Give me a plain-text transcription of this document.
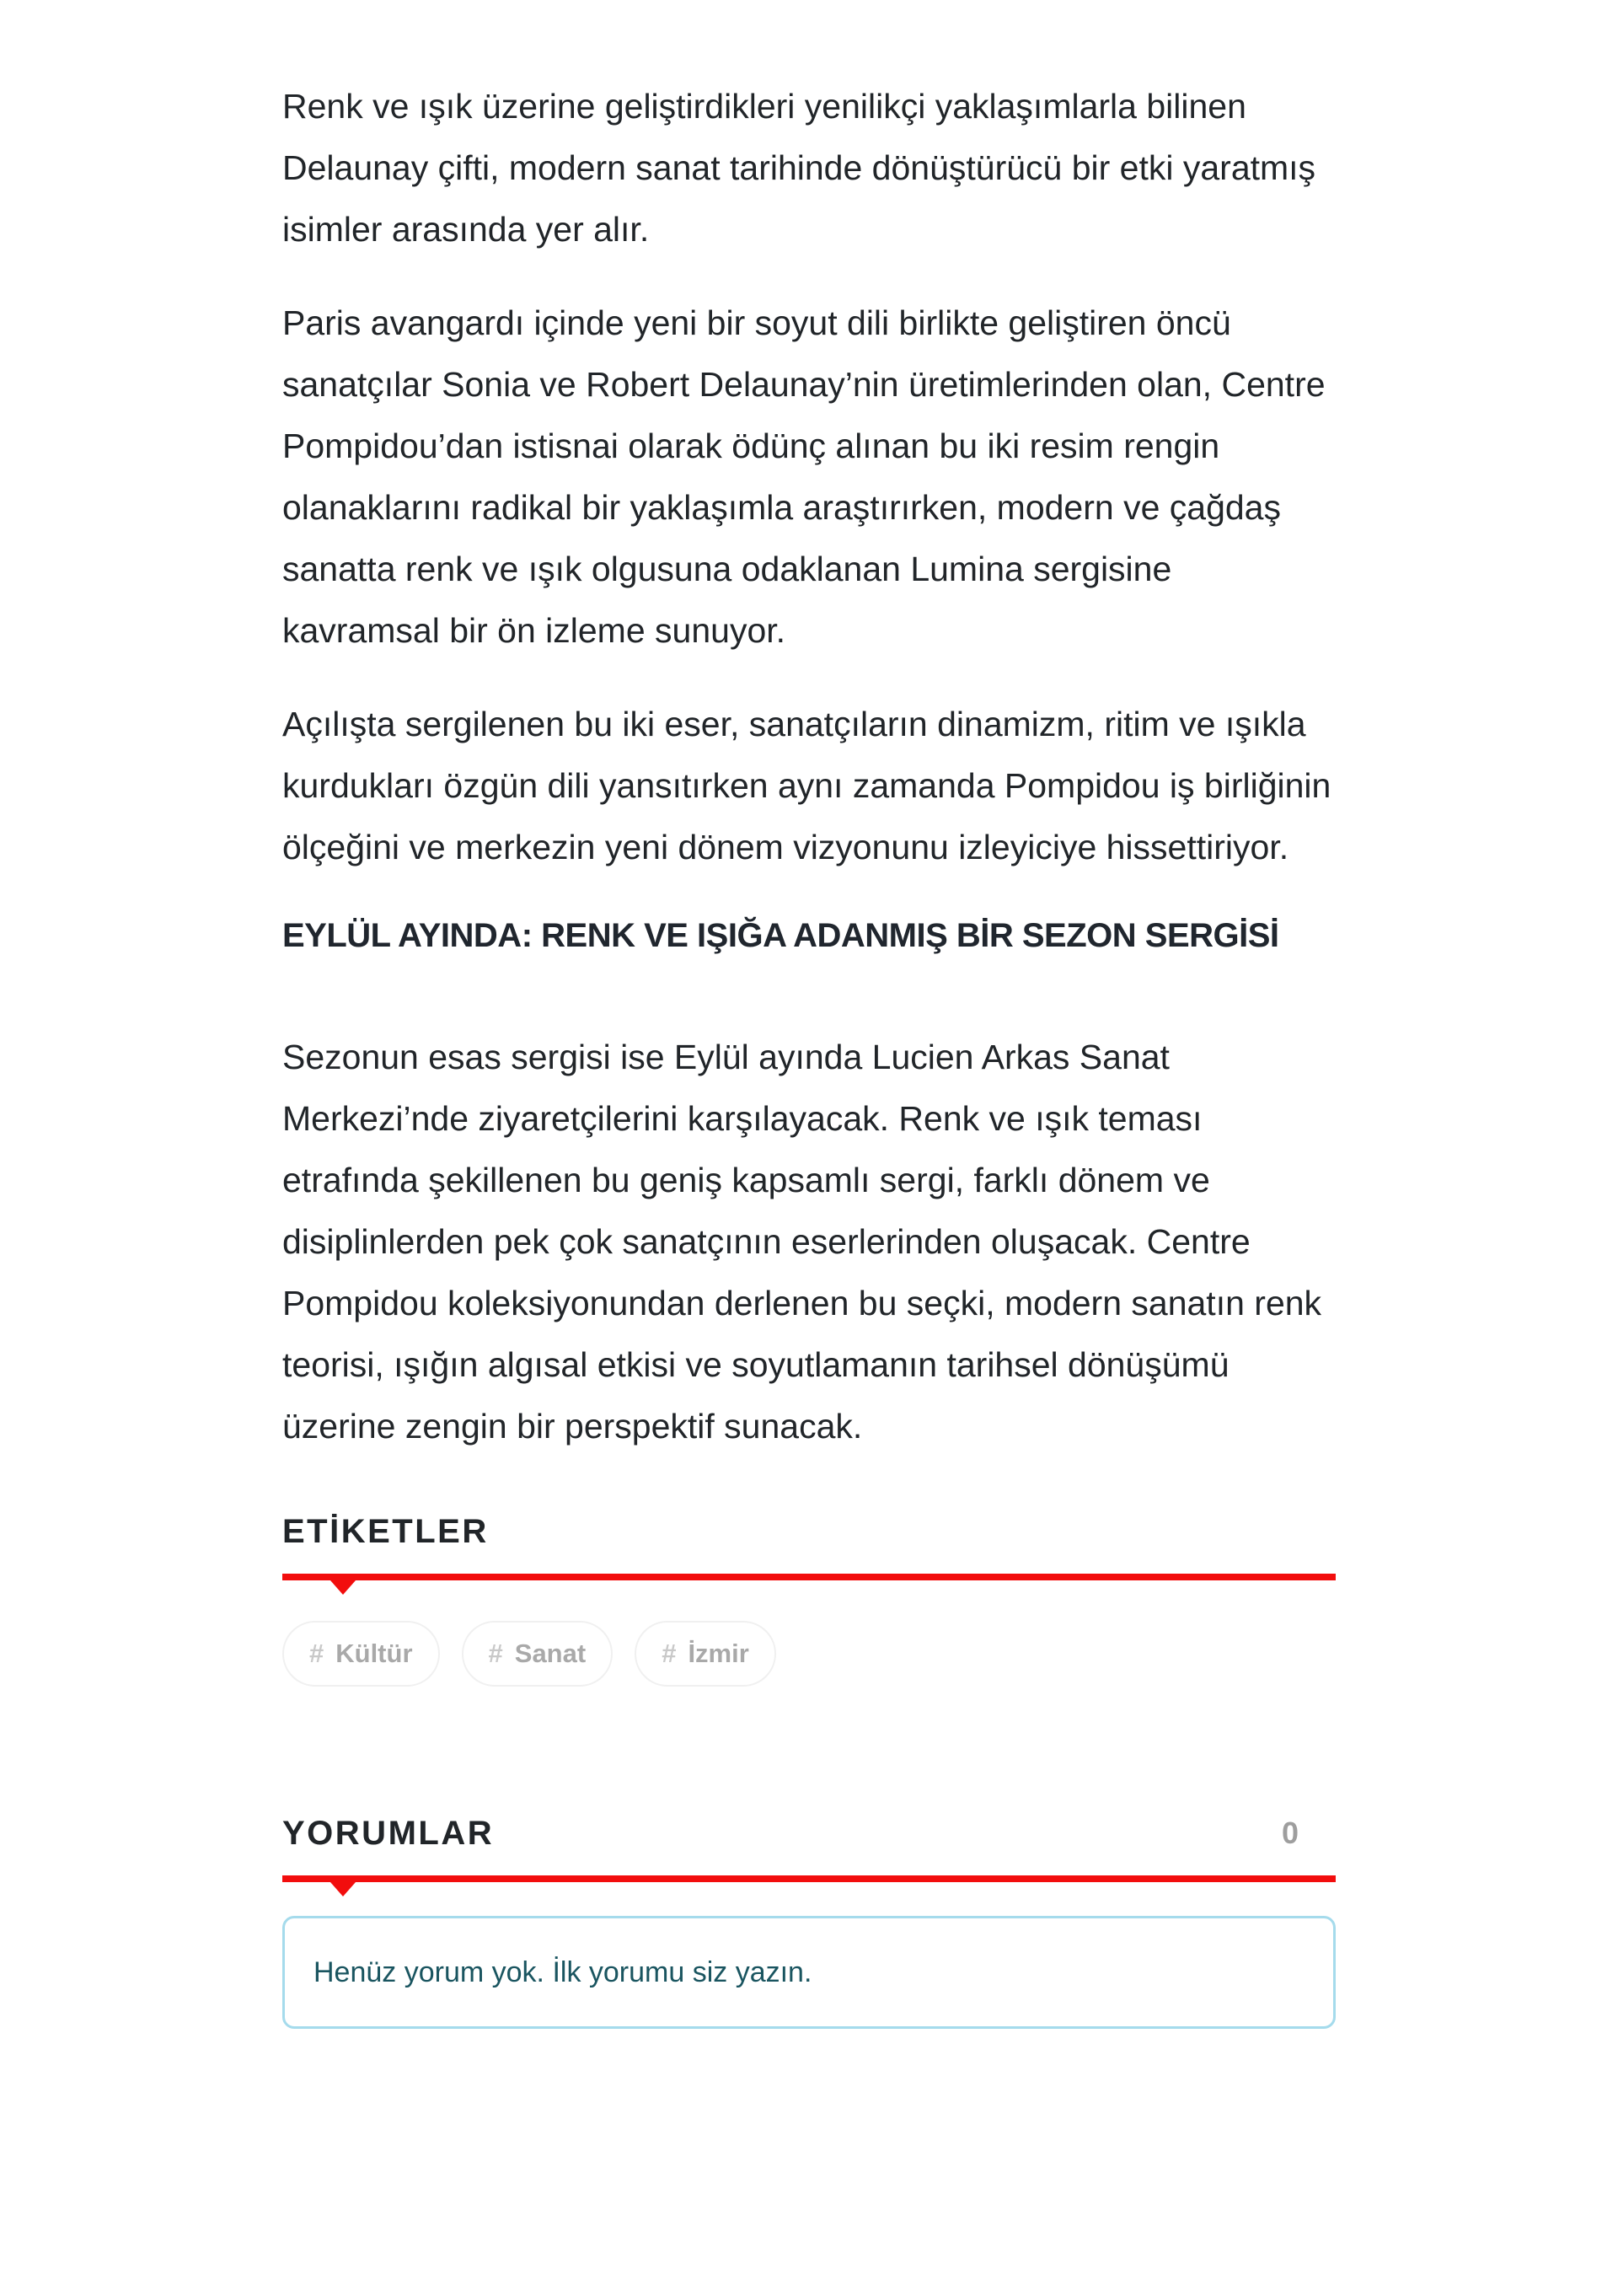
Renk ve ışık üzerine geliştirdikleri yenilikçi yaklaşımlarla bilinen Delaunay çifti, modern sanat tarihinde dönüştürücü bir etki yaratmış isimler arasında yer alır.

Paris avangardı içinde yeni bir soyut dili birlikte geliştiren öncü sanatçılar Sonia ve Robert Delaunay’nin üretimlerinden olan, Centre Pompidou’dan istisnai olarak ödünç alınan bu iki resim rengin olanaklarını radikal bir yaklaşımla araştırırken, modern ve çağdaş sanatta renk ve ışık olgusuna odaklanan Lumina sergisine kavramsal bir ön izleme sunuyor.

Açılışta sergilenen bu iki eser, sanatçıların dinamizm, ritim ve ışıkla kurdukları özgün dili yansıtırken aynı zamanda Pompidou iş birliğinin ölçeğini ve merkezin yeni dönem vizyonunu izleyiciye hissettiriyor.

EYLÜL AYINDA: RENK VE IŞIĞA ADANMIŞ BİR SEZON SERGİSİ

Sezonun esas sergisi ise Eylül ayında Lucien Arkas Sanat Merkezi’nde ziyaretçilerini karşılayacak. Renk ve ışık teması etrafında şekillenen bu geniş kapsamlı sergi, farklı dönem ve disiplinlerden pek çok sanatçının eserlerinden oluşacak. Centre Pompidou koleksiyonundan derlenen bu seçki, modern sanatın renk teorisi, ışığın algısal etkisi ve soyutlamanın tarihsel dönüşümü üzerine zengin bir perspektif sunacak.

ETİKETLER
# Kültür	# Sanat	# İzmir
YORUMLAR	0

Henüz yorum yok. İlk yorumu siz yazın.
